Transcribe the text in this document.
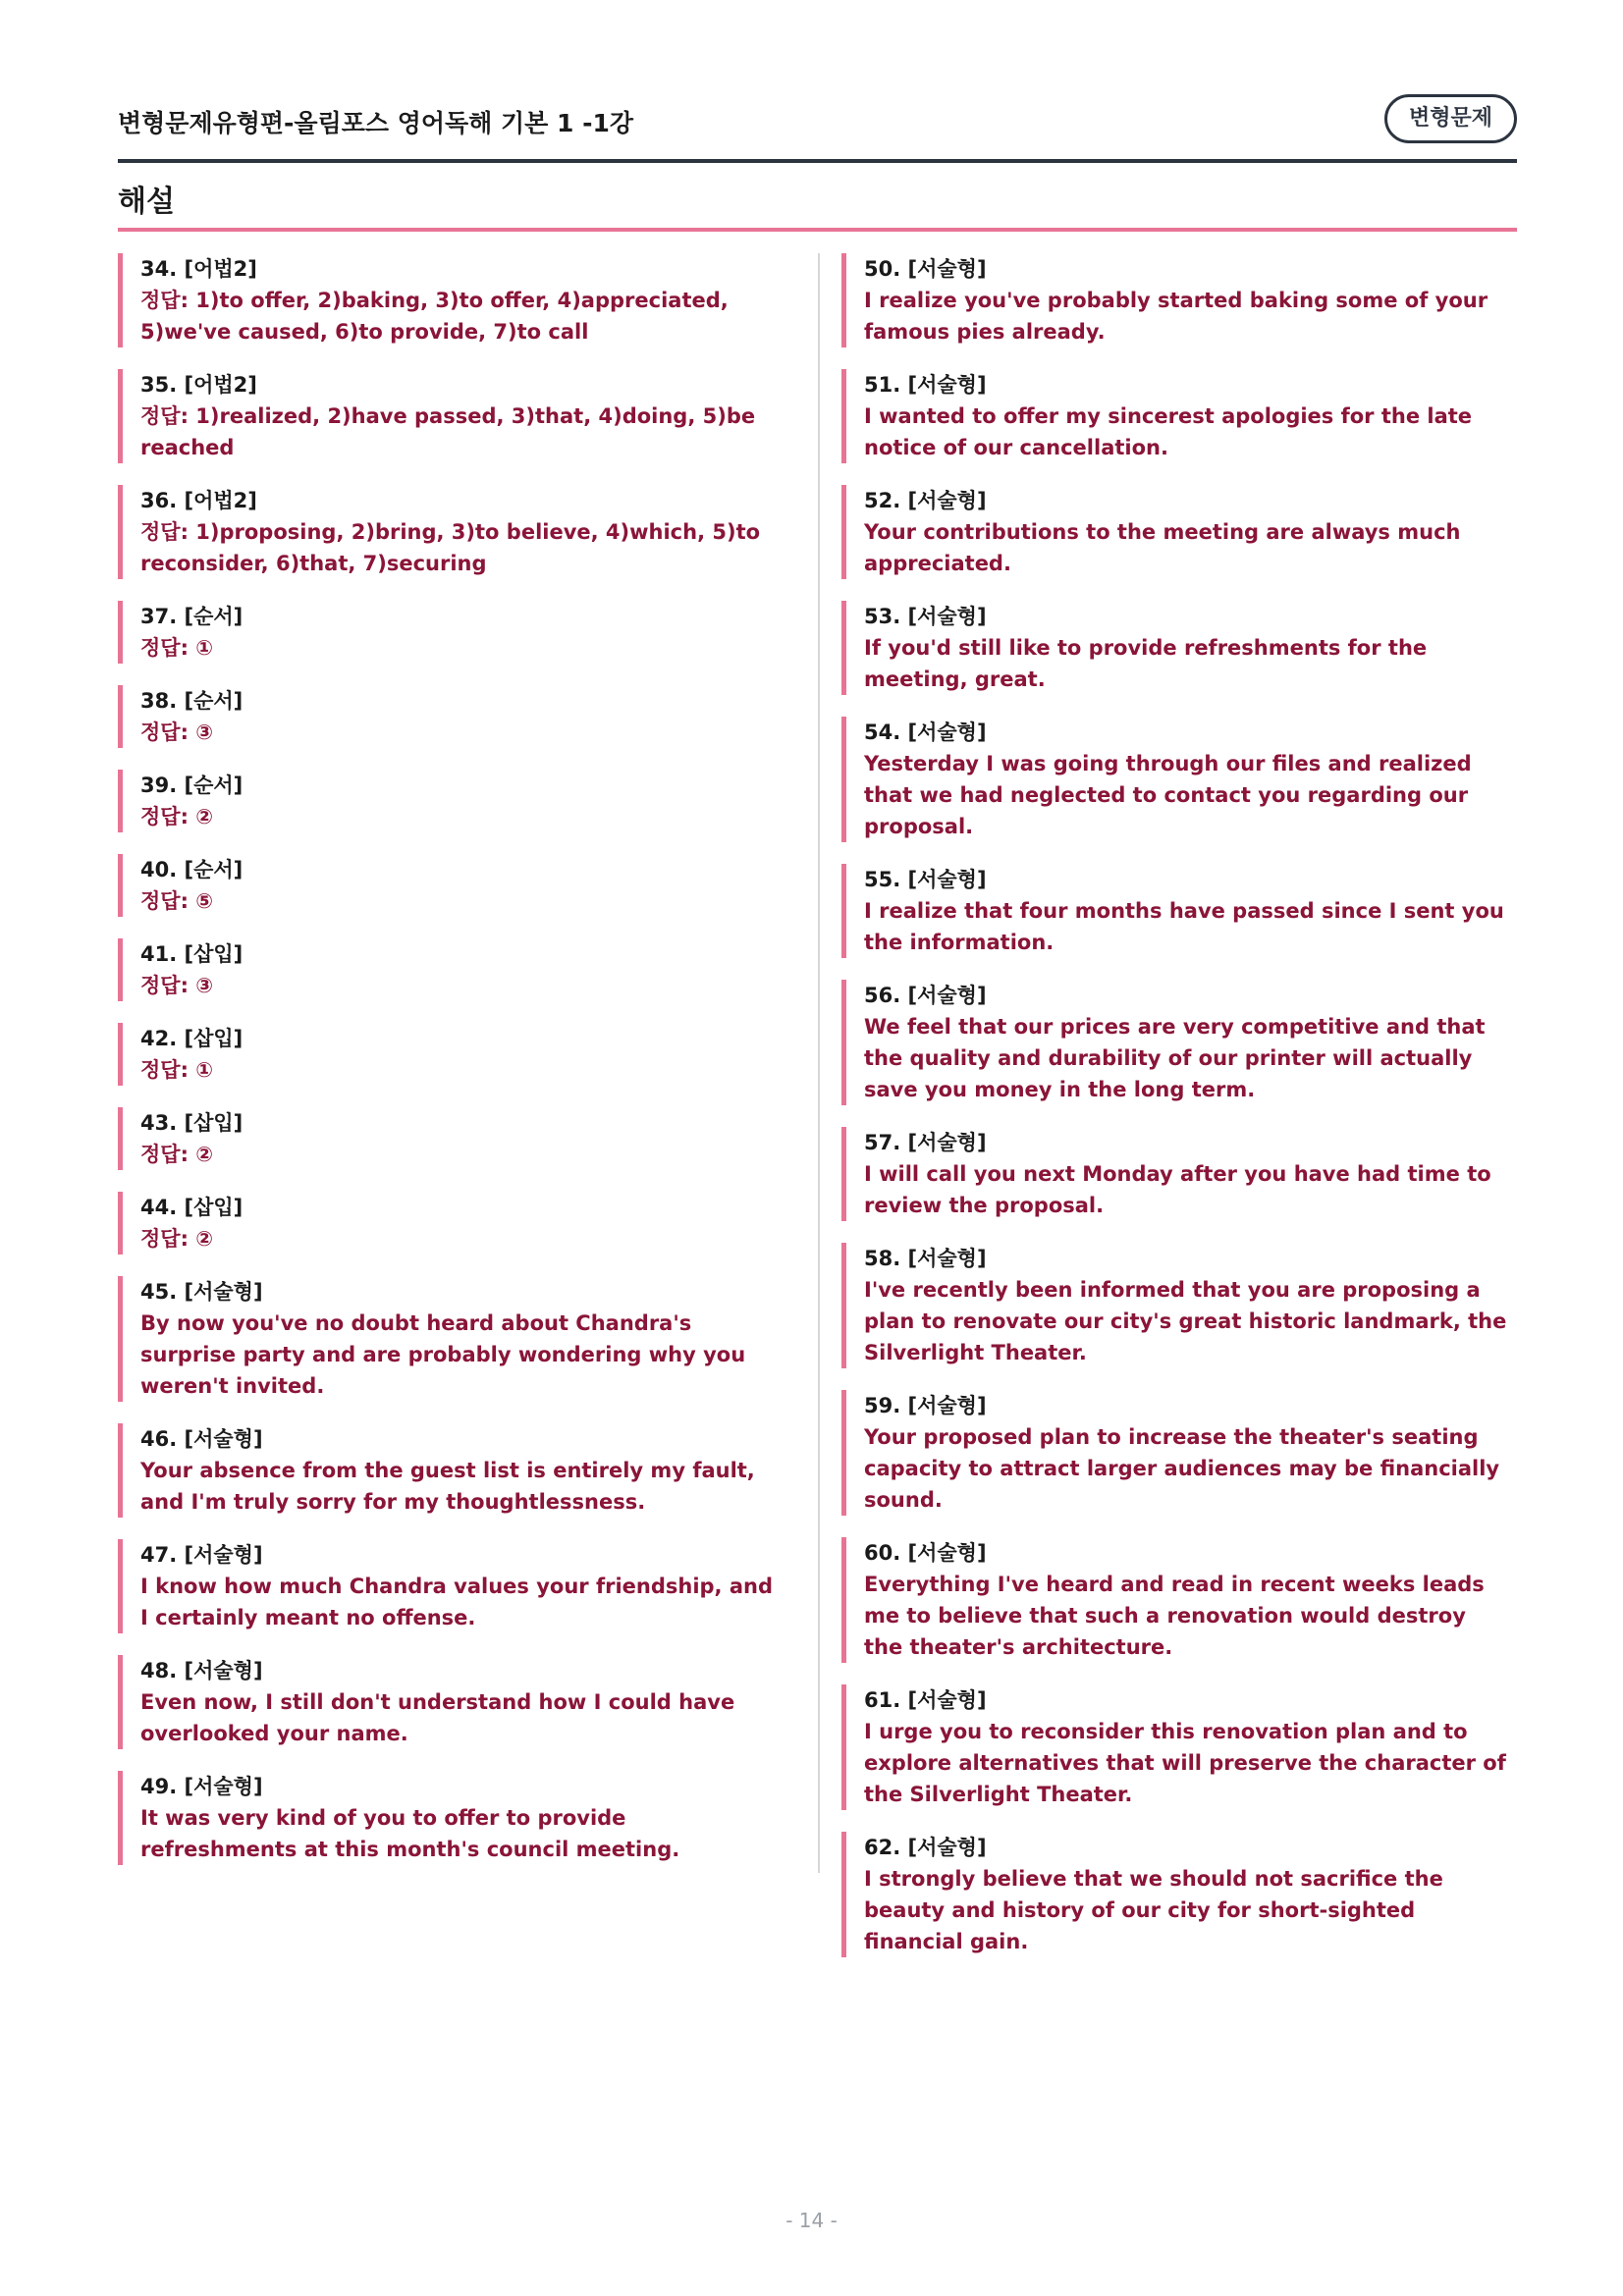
변형문제유형편-올림포스 영어독해 기본 1 -1강	변형문제
해설
34. [어법2]
정답: 1)to offer, 2)baking, 3)to offer, 4)appreciated, 5)we've caused, 6)to provide, 7)to call
35. [어법2]
정답: 1)realized, 2)have passed, 3)that, 4)doing, 5)be reached
36. [어법2]
정답: 1)proposing, 2)bring, 3)to believe, 4)which, 5)to reconsider, 6)that, 7)securing
37. [순서]
정답: ①
38. [순서]
정답: ③
39. [순서]
정답: ②
40. [순서]
정답: ⑤
41. [삽입]
정답: ③
42. [삽입]
정답: ①
43. [삽입]
정답: ②
44. [삽입]
정답: ②
45. [서술형]
By now you've no doubt heard about Chandra's surprise party and are probably wondering why you weren't invited.
46. [서술형]
Your absence from the guest list is entirely my fault, and I'm truly sorry for my thoughtlessness.
47. [서술형]
I know how much Chandra values your friendship, and I certainly meant no offense.
48. [서술형]
Even now, I still don't understand how I could have overlooked your name.
49. [서술형]
It was very kind of you to offer to provide refreshments at this month's council meeting.
50. [서술형]
I realize you've probably started baking some of your famous pies already.
51. [서술형]
I wanted to offer my sincerest apologies for the late notice of our cancellation.
52. [서술형]
Your contributions to the meeting are always much appreciated.
53. [서술형]
If you'd still like to provide refreshments for the meeting, great.
54. [서술형]
Yesterday I was going through our files and realized that we had neglected to contact you regarding our proposal.
55. [서술형]
I realize that four months have passed since I sent you the information.
56. [서술형]
We feel that our prices are very competitive and that the quality and durability of our printer will actually save you money in the long term.
57. [서술형]
I will call you next Monday after you have had time to review the proposal.
58. [서술형]
I've recently been informed that you are proposing a plan to renovate our city's great historic landmark, the Silverlight Theater.
59. [서술형]
Your proposed plan to increase the theater's seating capacity to attract larger audiences may be financially sound.
60. [서술형]
Everything I've heard and read in recent weeks leads me to believe that such a renovation would destroy the theater's architecture.
61. [서술형]
I urge you to reconsider this renovation plan and to explore alternatives that will preserve the character of the Silverlight Theater.
62. [서술형]
I strongly believe that we should not sacrifice the beauty and history of our city for short-sighted financial gain.
- 14 -
